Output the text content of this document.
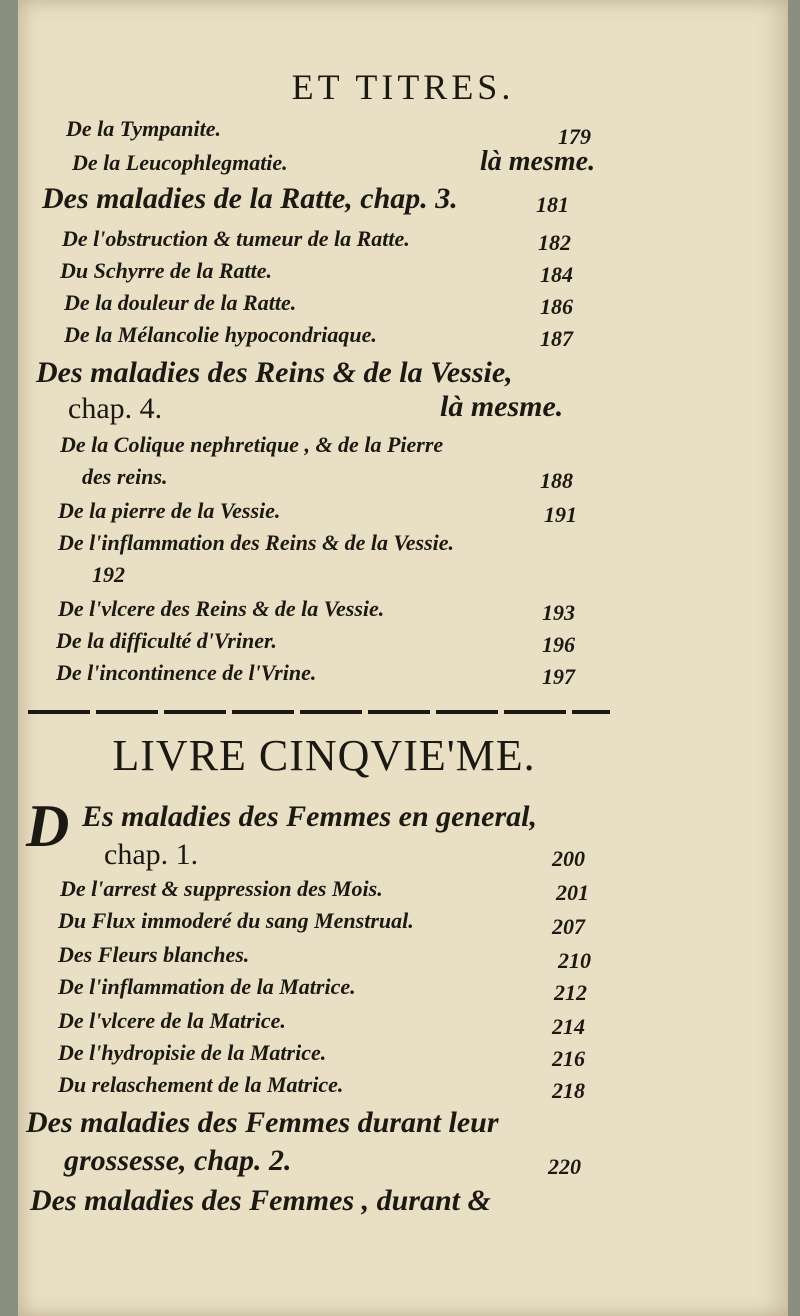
ET TITRES.
De la Tympanite.	179
De la Leucophlegmatie.	là mesme.
Des maladies de la Ratte, chap. 3.	181
De l'obstruction & tumeur de la Ratte.	182
Du Schyrre de la Ratte.	184
De la douleur de la Ratte.	186
De la Mélancolie hypocondriaque.	187
Des maladies des Reins & de la Vessie,
chap. 4.	là mesme.
De la Colique nephretique , & de la Pierre
des reins.	188
De la pierre de la Vessie.	191
De l'inflammation des Reins & de la Vessie.
192
De l'vlcere des Reins & de la Vessie.	193
De la difficulté d'Vriner.	196
De l'incontinence de l'Vrine.	197
LIVRE CINQVIE'ME.
D Es maladies des Femmes en general,
chap. 1.	200
De l'arrest & suppression des Mois.	201
Du Flux immoderé du sang Menstrual.	207
Des Fleurs blanches.	210
De l'inflammation de la Matrice.	212
De l'vlcere de la Matrice.	214
De l'hydropisie de la Matrice.	216
Du relaschement de la Matrice.	218
Des maladies des Femmes durant leur
grossesse, chap. 2.	220
Des maladies des Femmes , durant &
